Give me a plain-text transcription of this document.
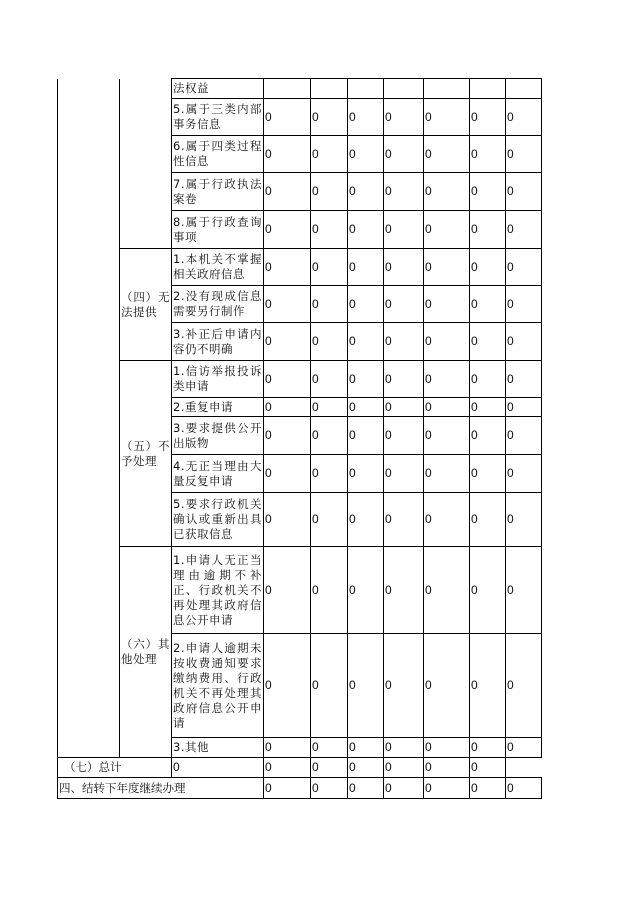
		法权益							
		5.属于三类内部事务信息	0	0	0	0	0	0	0
		6.属于四类过程性信息	0	0	0	0	0	0	0
		7.属于行政执法案卷	0	0	0	0	0	0	0
		8.属于行政查询事项	0	0	0	0	0	0	0
	（四）无法提供	1.本机关不掌握相关政府信息	0	0	0	0	0	0	0
		2.没有现成信息需要另行制作	0	0	0	0	0	0	0
		3.补正后申请内容仍不明确	0	0	0	0	0	0	0
	（五）不予处理	1.信访举报投诉类申请	0	0	0	0	0	0	0
		2.重复申请	0	0	0	0	0	0	0
		3.要求提供公开出版物	0	0	0	0	0	0	0
		4.无正当理由大量反复申请	0	0	0	0	0	0	0
		5.要求行政机关确认或重新出具已获取信息	0	0	0	0	0	0	0
	（六）其他处理	1.申请人无正当理由逾期不补正、行政机关不再处理其政府信息公开申请	0	0	0	0	0	0	0
		2.申请人逾期未按收费通知要求缴纳费用、行政机关不再处理其政府信息公开申请	0	0	0	0	0	0	0
		3.其他	0	0	0	0	0	0	0
（七）总计		0	0	0	0	0	0	0	
四、结转下年度继续办理			0	0	0	0	0	0	0
